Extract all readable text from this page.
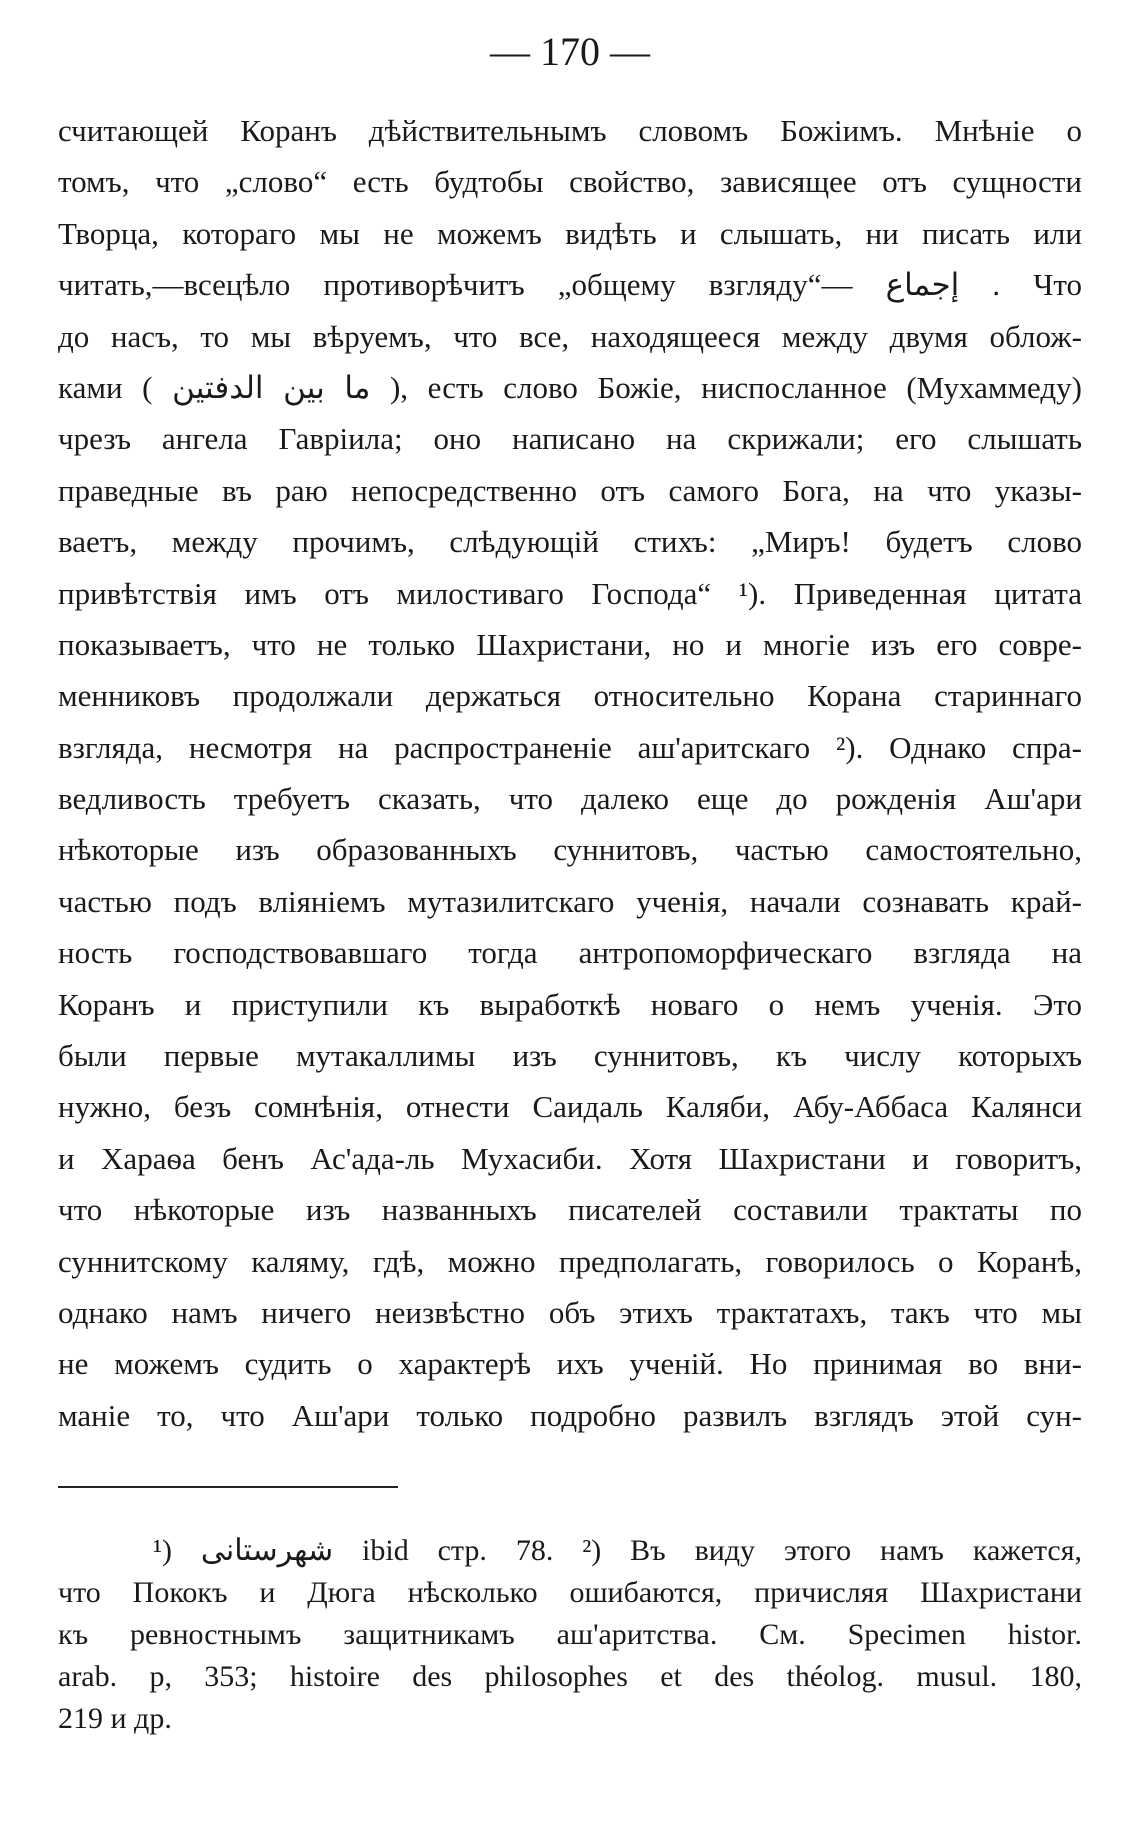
— 170 —
считающей Коранъ дѣйствительнымъ словомъ Божіимъ. Мнѣніе о
томъ, что „слово“ есть будтобы свойство, зависящее отъ сущности
Творца, котораго мы не можемъ видѣть и слышать, ни писать или
читать,—всецѣло противорѣчитъ „общему взгляду“— إجماع . Что
до насъ, то мы вѣруемъ, что все, находящееся между двумя облож-
ками ( ما بين الدفتين ), есть слово Божіе, ниспосланное (Мухаммеду)
чрезъ ангела Гавріила; оно написано на скрижали; его слышать
праведные въ раю непосредственно отъ самого Бога, на что указы-
ваетъ, между прочимъ, слѣдующій стихъ: „Миръ! будетъ слово
привѣтствія имъ отъ милостиваго Господа“ ¹). Приведенная цитата
показываетъ, что не только Шахристани, но и многіе изъ его совре-
менниковъ продолжали держаться относительно Корана стариннаго
взгляда, несмотря на распространеніе аш'аритскаго ²). Однако спра-
ведливость требуетъ сказать, что далеко еще до рожденія Аш'ари
нѣкоторые изъ образованныхъ суннитовъ, частью самостоятельно,
частью подъ вліяніемъ мутазилитскаго ученія, начали сознавать край-
ность господствовавшаго тогда антропоморфическаго взгляда на
Коранъ и приступили къ выработкѣ новаго о немъ ученія. Это
были первые мутакаллимы изъ суннитовъ, къ числу которыхъ
нужно, безъ сомнѣнія, отнести Саидаль Каляби, Абу-Аббаса Калянси
и Хараѳа бенъ Ас'ада-ль Мухасиби. Хотя Шахристани и говоритъ,
что нѣкоторые изъ названныхъ писателей составили трактаты по
суннитскому каляму, гдѣ, можно предполагать, говорилось о Коранѣ,
однако намъ ничего неизвѣстно объ этихъ трактатахъ, такъ что мы
не можемъ судить о характерѣ ихъ ученій. Но принимая во вни-
маніе то, что Аш'ари только подробно развилъ взглядъ этой сун-
¹) شهرستانى ibid стр. 78. ²) Въ виду этого намъ кажется,
что Пококъ и Дюга нѣсколько ошибаются, причисляя Шахристани
къ ревностнымъ защитникамъ аш'аритства. См. Specimen histor.
arab. p, 353; histoire des philosophes et des théolog. musul. 180,
219 и др.
